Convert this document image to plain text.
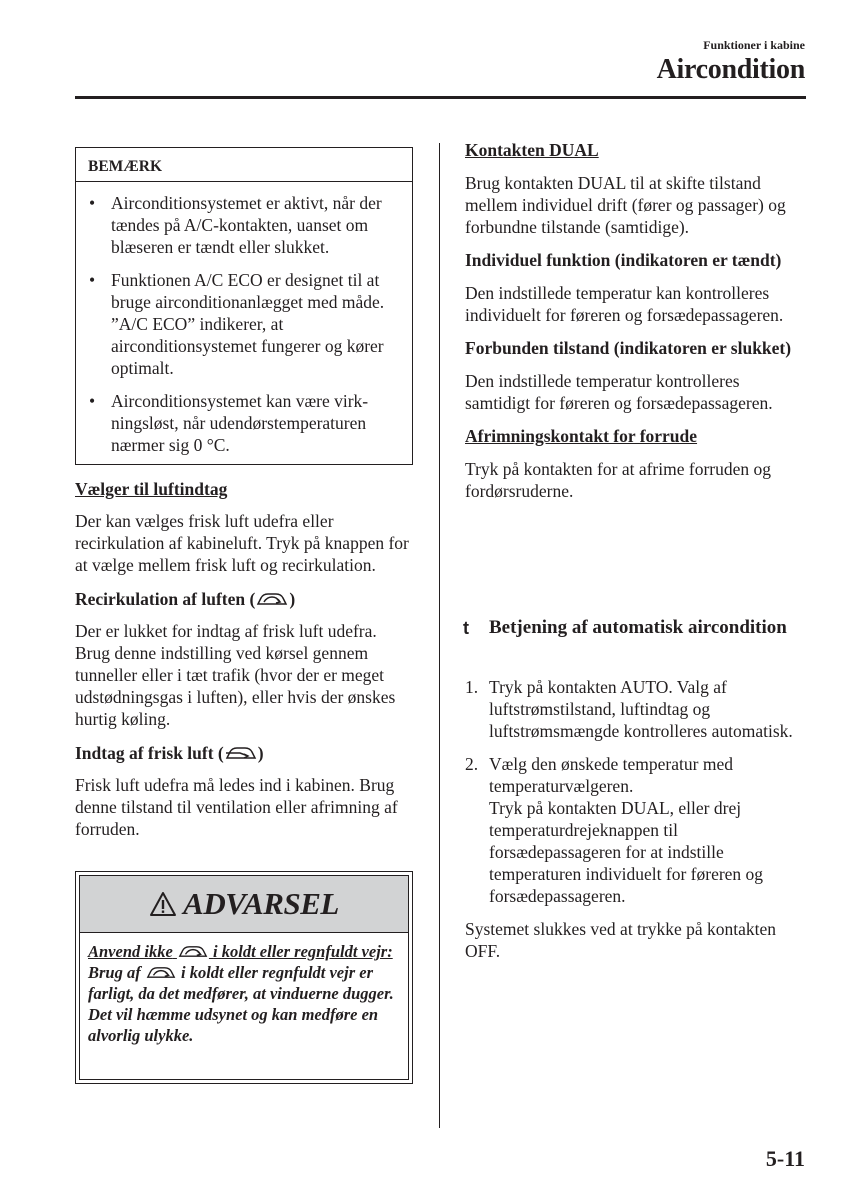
Funktioner i kabine
Aircondition
BEMÆRK
• Airconditionsystemet er aktivt, når der tændes på A/C-kontakten, uanset om blæseren er tændt eller slukket.
• Funktionen A/C ECO er designet til at bruge airconditionanlægget med måde. ”A/C ECO” indikerer, at airconditionsystemet fungerer og kører optimalt.
• Airconditionsystemet kan være virk-ningsløst, når udendørstemperaturen nærmer sig 0 °C.

Vælger til luftindtag

Der kan vælges frisk luft udefra eller recirkulation af kabineluft. Tryk på knappen for at vælge mellem frisk luft og recirkulation.

Recirkulation af luften ( )

Der er lukket for indtag af frisk luft udefra. Brug denne indstilling ved kørsel gennem tunneller eller i tæt trafik (hvor der er meget udstødningsgas i luften), eller hvis der ønskes hurtig køling.

Indtag af frisk luft ( )

Frisk luft udefra må ledes ind i kabinen. Brug denne tilstand til ventilation eller afrimning af forruden.

ADVARSEL
Anvend ikke i koldt eller regnfuldt vejr:
Brug af i koldt eller regnfuldt vejr er farligt, da det medfører, at vinduerne dugger. Det vil hæmme udsynet og kan medføre en alvorlig ulykke.

Kontakten DUAL

Brug kontakten DUAL til at skifte tilstand mellem individuel drift (fører og passager) og forbundne tilstande (samtidige).

Individuel funktion (indikatoren er tændt)

Den indstillede temperatur kan kontrolleres individuelt for føreren og forsædepassageren.

Forbunden tilstand (indikatoren er slukket)

Den indstillede temperatur kontrolleres samtidigt for føreren og forsædepassageren.

Afrimningskontakt for forrude

Tryk på kontakten for at afrime forruden og fordørsruderne.

t Betjening af automatisk aircondition
1. Tryk på kontakten AUTO. Valg af luftstrømstilstand, luftindtag og luftstrømsmængde kontrolleres automatisk.
2. Vælg den ønskede temperatur med temperaturvælgeren.
Tryk på kontakten DUAL, eller drej temperaturdrejeknappen til forsædepassageren for at indstille temperaturen individuelt for føreren og forsædepassageren.

Systemet slukkes ved at trykke på kontakten OFF.

5-11
